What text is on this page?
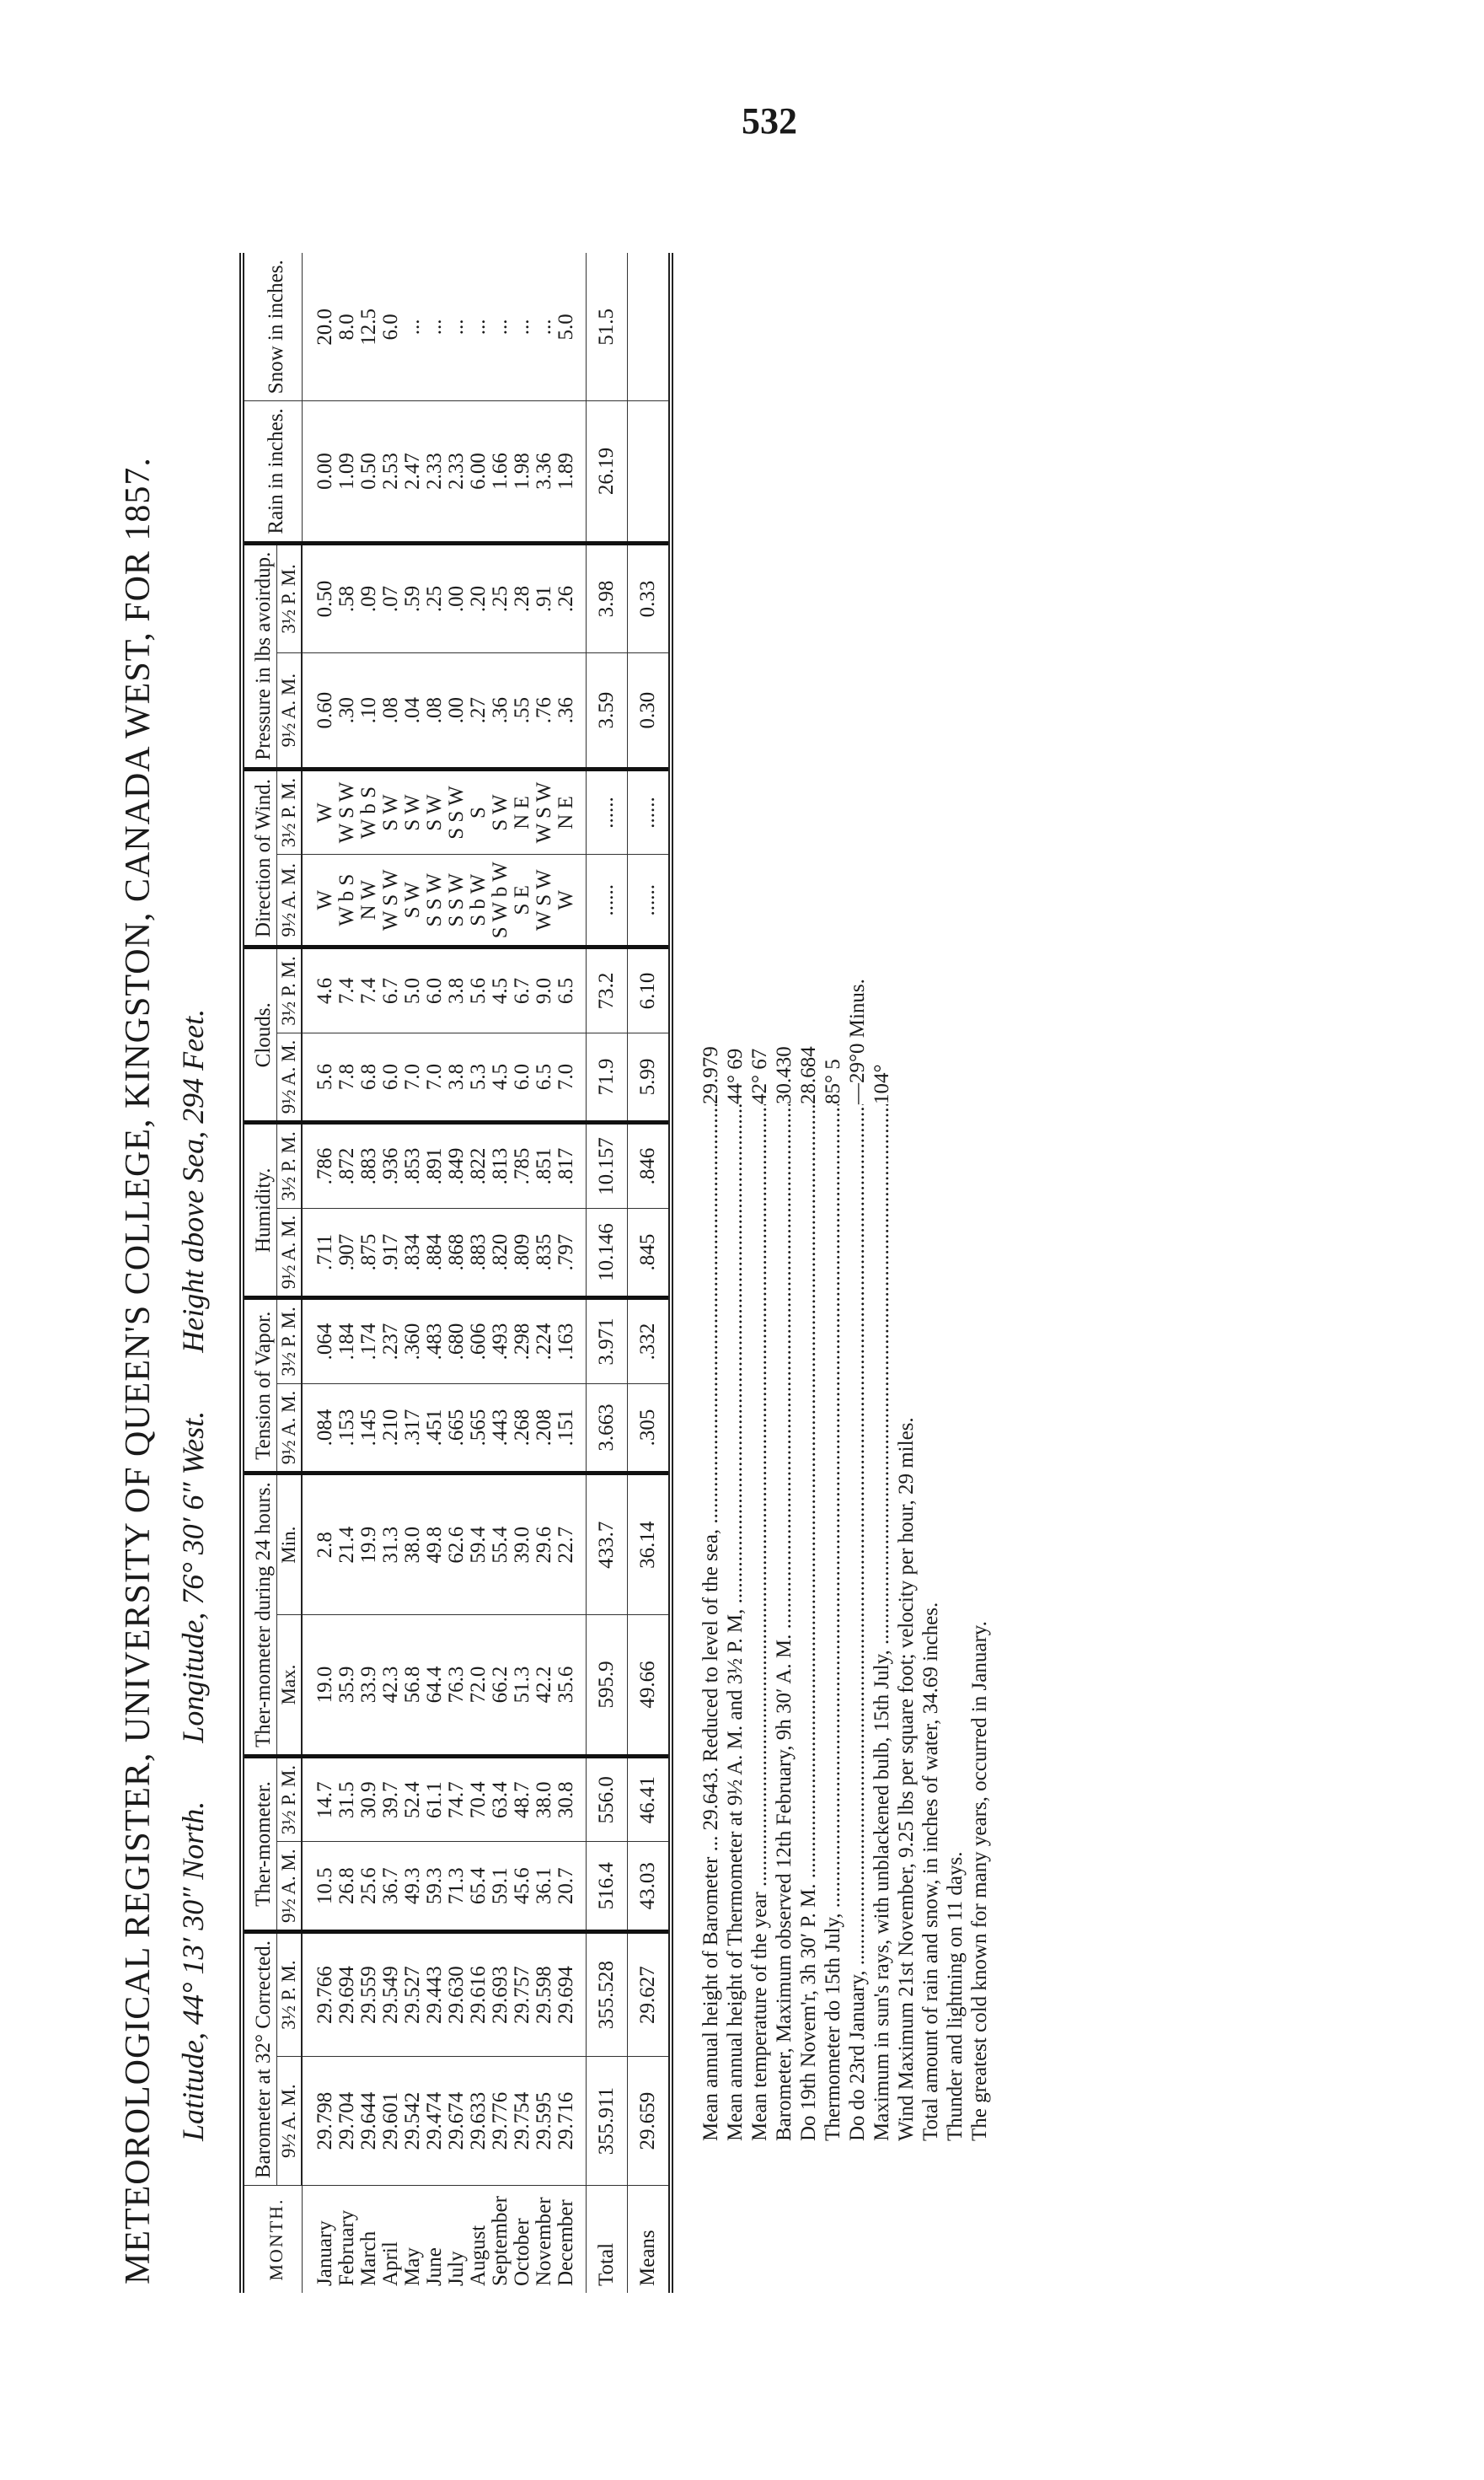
532
METEOROLOGICAL REGISTER, UNIVERSITY OF QUEEN'S COLLEGE, KINGSTON, CANADA WEST, FOR 1857. Latitude, 44° 13′ 30″ North. Longitude, 76° 30′ 6″ West. Height above Sea, 294 Feet.
MONTH.	Barometer at 32° Corrected.		Ther-mometer.		Ther-mometer during 24 hours.		Tension of Vapor.		Humidity.		Clouds.		Direction of Wind.		Pressure in lbs avoirdup.		Rain in inches.	Snow in inches.
	9½ A. M.	3½ P. M.	9½ A. M.	3½ P. M.	Max.	Min.	9½ A. M.	3½ P. M.	9½ A. M.	3½ P. M.	9½ A. M.	3½ P. M.	9½ A. M.	3½ P. M.	9½ A. M.	3½ P. M.		
January	29.798	29.766	10.5	14.7	19.0	2.8	.084	.064	.711	.786	5.6	4.6	W	W	0.60	0.50	0.00	20.0
February	29.704	29.694	26.8	31.5	35.9	21.4	.153	.184	.907	.872	7.8	7.4	W b S	W S W	.30	.58	1.09	8.0
March	29.644	29.559	25.6	30.9	33.9	19.9	.145	.174	.875	.883	6.8	7.4	N W	W b S	.10	.09	0.50	12.5
April	29.601	29.549	36.7	39.7	42.3	31.3	.210	.237	.917	.936	6.0	6.7	W S W	S W	.08	.07	2.53	6.0
May	29.542	29.527	49.3	52.4	56.8	38.0	.317	.360	.834	.853	7.0	5.0	S W	S W	.04	.59	2.47	...
June	29.474	29.443	59.3	61.1	64.4	49.8	.451	.483	.884	.891	7.0	6.0	S S W	S W	.08	.25	2.33	...
July	29.674	29.630	71.3	74.7	76.3	62.6	.665	.680	.868	.849	3.8	3.8	S S W	S S W	.00	.00	2.33	...
August	29.633	29.616	65.4	70.4	72.0	59.4	.565	.606	.883	.822	5.3	5.6	S b W	S	.27	.20	6.00	...
September	29.776	29.693	59.1	63.4	66.2	55.4	.443	.493	.820	.813	4.5	4.5	S W b W	S W	.36	.25	1.66	...
October	29.754	29.757	45.6	48.7	51.3	39.0	.268	.298	.809	.785	6.0	6.7	S E	N E	.55	.28	1.98	...
November	29.595	29.598	36.1	38.0	42.2	29.6	.208	.224	.835	.851	6.5	9.0	W S W	W S W	.76	.91	3.36	...
December	29.716	29.694	20.7	30.8	35.6	22.7	.151	.163	.797	.817	7.0	6.5	W	N E	.36	.26	1.89	5.0
Total	355.911	355.528	516.4	556.0	595.9	433.7	3.663	3.971	10.146	10.157	71.9	73.2	......	......	3.59	3.98	26.19	51.5
Means	29.659	29.627	43.03	46.41	49.66	36.14	.305	.332	.845	.846	5.99	6.10	......	......	0.30	0.33		
Mean annual height of Barometer ... 29.643. Reduced to level of the sea, .....
29.979
Mean annual height of Thermometer at 9½ A. M. and 3½ P. M, .....
44° 69
Mean temperature of the year .....
42° 67
Barometer, Maximum observed 12th February, 9h 30′ A. M. .....
30.430
Do 19th Novem'r, 3h 30′ P. M. .....
28.684
Thermometer do 15th July, .....
85° 5
Do do 23rd January, .....
—29°0 Minus.
Maximum in sun's rays, with unblackened bulb, 15th July, .....
104°
Wind Maximum 21st November, 9.25 lbs per square foot; velocity per hour, 29 miles. Total amount of rain and snow, in inches of water, 34.69 inches. Thunder and lightning on 11 days. The greatest cold known for many years, occurred in January.
